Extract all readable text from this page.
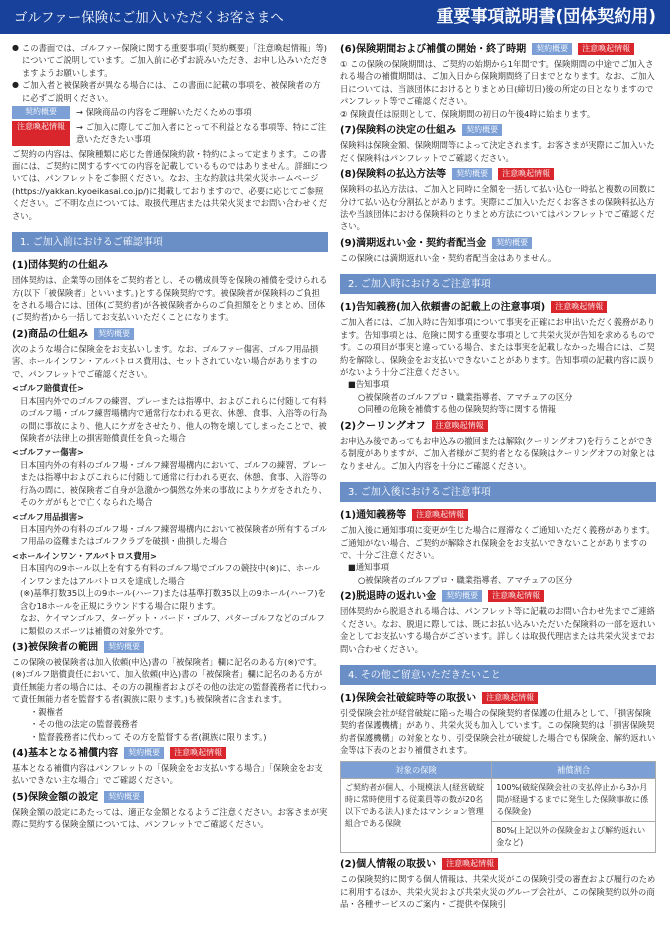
ゴルファー保険にご加入いただくお客さまへ	重要事項説明書(団体契約用)

● この書面では、ゴルファー保険に関する重要事項(「契約概要」「注意喚起情報」等)についてご説明しています。ご加入前に必ずお読みいただき、お申し込みいただきますようお願いします。

● ご加入者と被保険者が異なる場合には、この書面に記載の事項を、被保険者の方に必ずご説明ください。

契約概要	→ 保険商品の内容をご理解いただくための事項
注意喚起情報	→ ご加入に際してご加入者にとって不利益となる事項等、特にご注意いただきたい事項

ご契約の内容は、保険種類に応じた普通保険約款・特約によって定まります。この書面には、ご契約に関するすべての内容を記載しているものではありません。詳細については、パンフレットをご参照ください。なお、主な約款は共栄火災ホームページ(https://yakkan.kyoeikasai.co.jp/)に掲載しておりますので、必要に応じてご参照ください。ご不明な点については、取扱代理店または共栄火災までお問い合わせください。

1. ご加入前におけるご確認事項
(1)団体契約の仕組み

団体契約は、企業等の団体をご契約者とし、その構成員等を保険の補償を受けられる方(以下「被保険者」といいます。)とする保険契約です。被保険者が保険料のご負担をされる場合には、団体(ご契約者)が各被保険者からのご負担額をとりまとめ、団体(ご契約者)から一括してお支払いいただくことになります。

(2)商品の仕組み 契約概要

次のような場合に保険金をお支払いします。なお、ゴルファー傷害、ゴルフ用品損害、ホールインワン・アルバトロス費用は、セットされていない場合がありますので、パンフレットでご確認ください。

<ゴルフ賠償責任>

日本国内外でのゴルフの練習、プレーまたは指導中、およびこれらに付随して有料のゴルフ場・ゴルフ練習場構内で通常行なわれる更衣、休憩、食事、入浴等の行為の間に事故により、他人にケガをさせたり、他人の物を壊してしまったことで、被保険者が法律上の損害賠償責任を負った場合

<ゴルファー傷害>

日本国内外の有料のゴルフ場・ゴルフ練習場構内において、ゴルフの練習、プレーまたは指導中およびこれらに付随して通常に行われる更衣、休憩、食事、入浴等の行為の間に、被保険者ご自身が急激かつ偶然な外来の事故によりケガをされたり、そのケガがもとで亡くなられた場合

<ゴルフ用品損害>

日本国内外の有料のゴルフ場・ゴルフ練習場構内において被保険者が所有するゴルフ用品の盗難またはゴルフクラブを破損・曲損した場合

<ホールインワン・アルバトロス費用>

日本国内の9ホール以上を有する有料のゴルフ場でゴルフの競技中(※)に、ホールインワンまたはアルバトロスを達成した場合

(※)基準打数35以上の9ホール(ハーフ)または基準打数35以上の9ホール(ハーフ)を含む18ホールを正規にラウンドする場合に限ります。

なお、ケイマンゴルフ、ターゲット・バード・ゴルフ、パターゴルフなどのゴルフに類似のスポーツは補償の対象外です。

(3)被保険者の範囲 契約概要

この保険の被保険者は加入依頼(申込)書の「被保険者」欄に記名のある方(※)です。

(※)ゴルフ賠償責任において、加入依頼(申込)書の「被保険者」欄に記名のある方が責任無能力者の場合には、その方の親権者およびその他の法定の監督義務者に代わって責任無能力者を監督する者(親族に限ります。)も被保険者に含まれます。

・親権者

・その他の法定の監督義務者

・監督義務者に代わって その方を監督する者(親族に限ります。)

(4)基本となる補償内容 契約概要 注意喚起情報

基本となる補償内容はパンフレットの「保険金をお支払いする場合」「保険金をお支払いできない主な場合」でご確認ください。

(5)保険金額の設定 契約概要

保険金額の設定にあたっては、適正な金額となるようご注意ください。お客さまが実際に契約する保険金額については、パンフレットでご確認ください。

(6)保険期間および補償の開始・終了時期 契約概要 注意喚起情報

① この保険の保険期間は、ご契約の始期から1年間です。保険期間の中途でご加入される場合の補償期間は、ご加入日から保険期間終了日までとなります。なお、ご加入日については、当該団体におけるとりまとめ日(締切日)後の所定の日となりますのでパンフレット等でご確認ください。

② 保険責任は原則として、保険期間の初日の午後4時に始まります。

(7)保険料の決定の仕組み 契約概要

保険料は保険金額、保険期間等によって決定されます。お客さまが実際にご加入いただく保険料はパンフレットでご確認ください。

(8)保険料の払込方法等 契約概要 注意喚起情報

保険料の払込方法は、ご加入と同時に全額を一括して払い込む一時払と複数の回数に分けて払い込む分割払とがあります。実際にご加入いただくお客さまの保険料払込方法や当該団体における保険料のとりまとめ方法についてはパンフレットでご確認ください。

(9)満期返れい金・契約者配当金 契約概要

この保険には満期返れい金・契約者配当金はありません。

2. ご加入時におけるご注意事項
(1)告知義務(加入依頼書の記載上の注意事項) 注意喚起情報

ご加入者には、ご加入時に告知事項について事実を正確にお申出いただく義務があります。告知事項とは、危険に関する重要な事項として共栄火災が告知を求めるものです。この項目が事実と違っている場合、または事実を記載しなかった場合には、ご契約を解除し、保険金をお支払いできないことがあります。告知事項の記載内容に誤りがないよう十分ご注意ください。

■告知事項

○被保険者のゴルフプロ・職業指導者、アマチュアの区分

○同種の危険を補償する他の保険契約等に関する情報

(2)クーリングオフ 注意喚起情報

お申込み後であってもお申込みの撤回または解除(クーリングオフ)を行うことができる制度がありますが、ご加入者様がご契約者となる保険はクーリングオフの対象とはなりません。ご加入内容を十分にご確認ください。

3. ご加入後におけるご注意事項
(1)通知義務等 注意喚起情報

ご加入後に通知事項に変更が生じた場合に遅滞なくご通知いただく義務があります。ご通知がない場合、ご契約が解除され保険金をお支払いできないことがありますので、十分ご注意ください。

■通知事項

○被保険者のゴルフプロ・職業指導者、アマチュアの区分

(2)脱退時の返れい金 契約概要 注意喚起情報

団体契約から脱退される場合は、パンフレット等に記載のお問い合わせ先までご連絡ください。なお、脱退に際しては、既にお払い込みいただいた保険料の一部を返れい金としてお支払いする場合がございます。詳しくは取扱代理店または共栄火災までお問い合わせください。

4. その他ご留意いただきたいこと
(1)保険会社破綻時等の取扱い 注意喚起情報

引受保険会社が経営破綻に陥った場合の保険契約者保護の仕組みとして、「損害保険契約者保護機構」があり、共栄火災も加入しています。この保険契約は「損害保険契約者保護機構」の対象となり、引受保険会社が破綻した場合でも保険金、解約返れい金等は下表のとおり補償されます。

対象の保険	補償割合
ご契約者が個人、小規模法人(経営破綻時に常時使用する従業員等の数が20名以下である法人)またはマンション管理組合である保険	100%(破綻保険会社の支払停止から3か月間が経過するまでに発生した保険事故に係る保険金)
	80%(上記以外の保険金および解約返れい金など)
(2)個人情報の取扱い 注意喚起情報

この保険契約に関する個人情報は、共栄火災がこの保険引受の審査および履行のために利用するほか、共栄火災および共栄火災のグループ会社が、この保険契約以外の商品・各種サービスのご案内・ご提供や保険引
